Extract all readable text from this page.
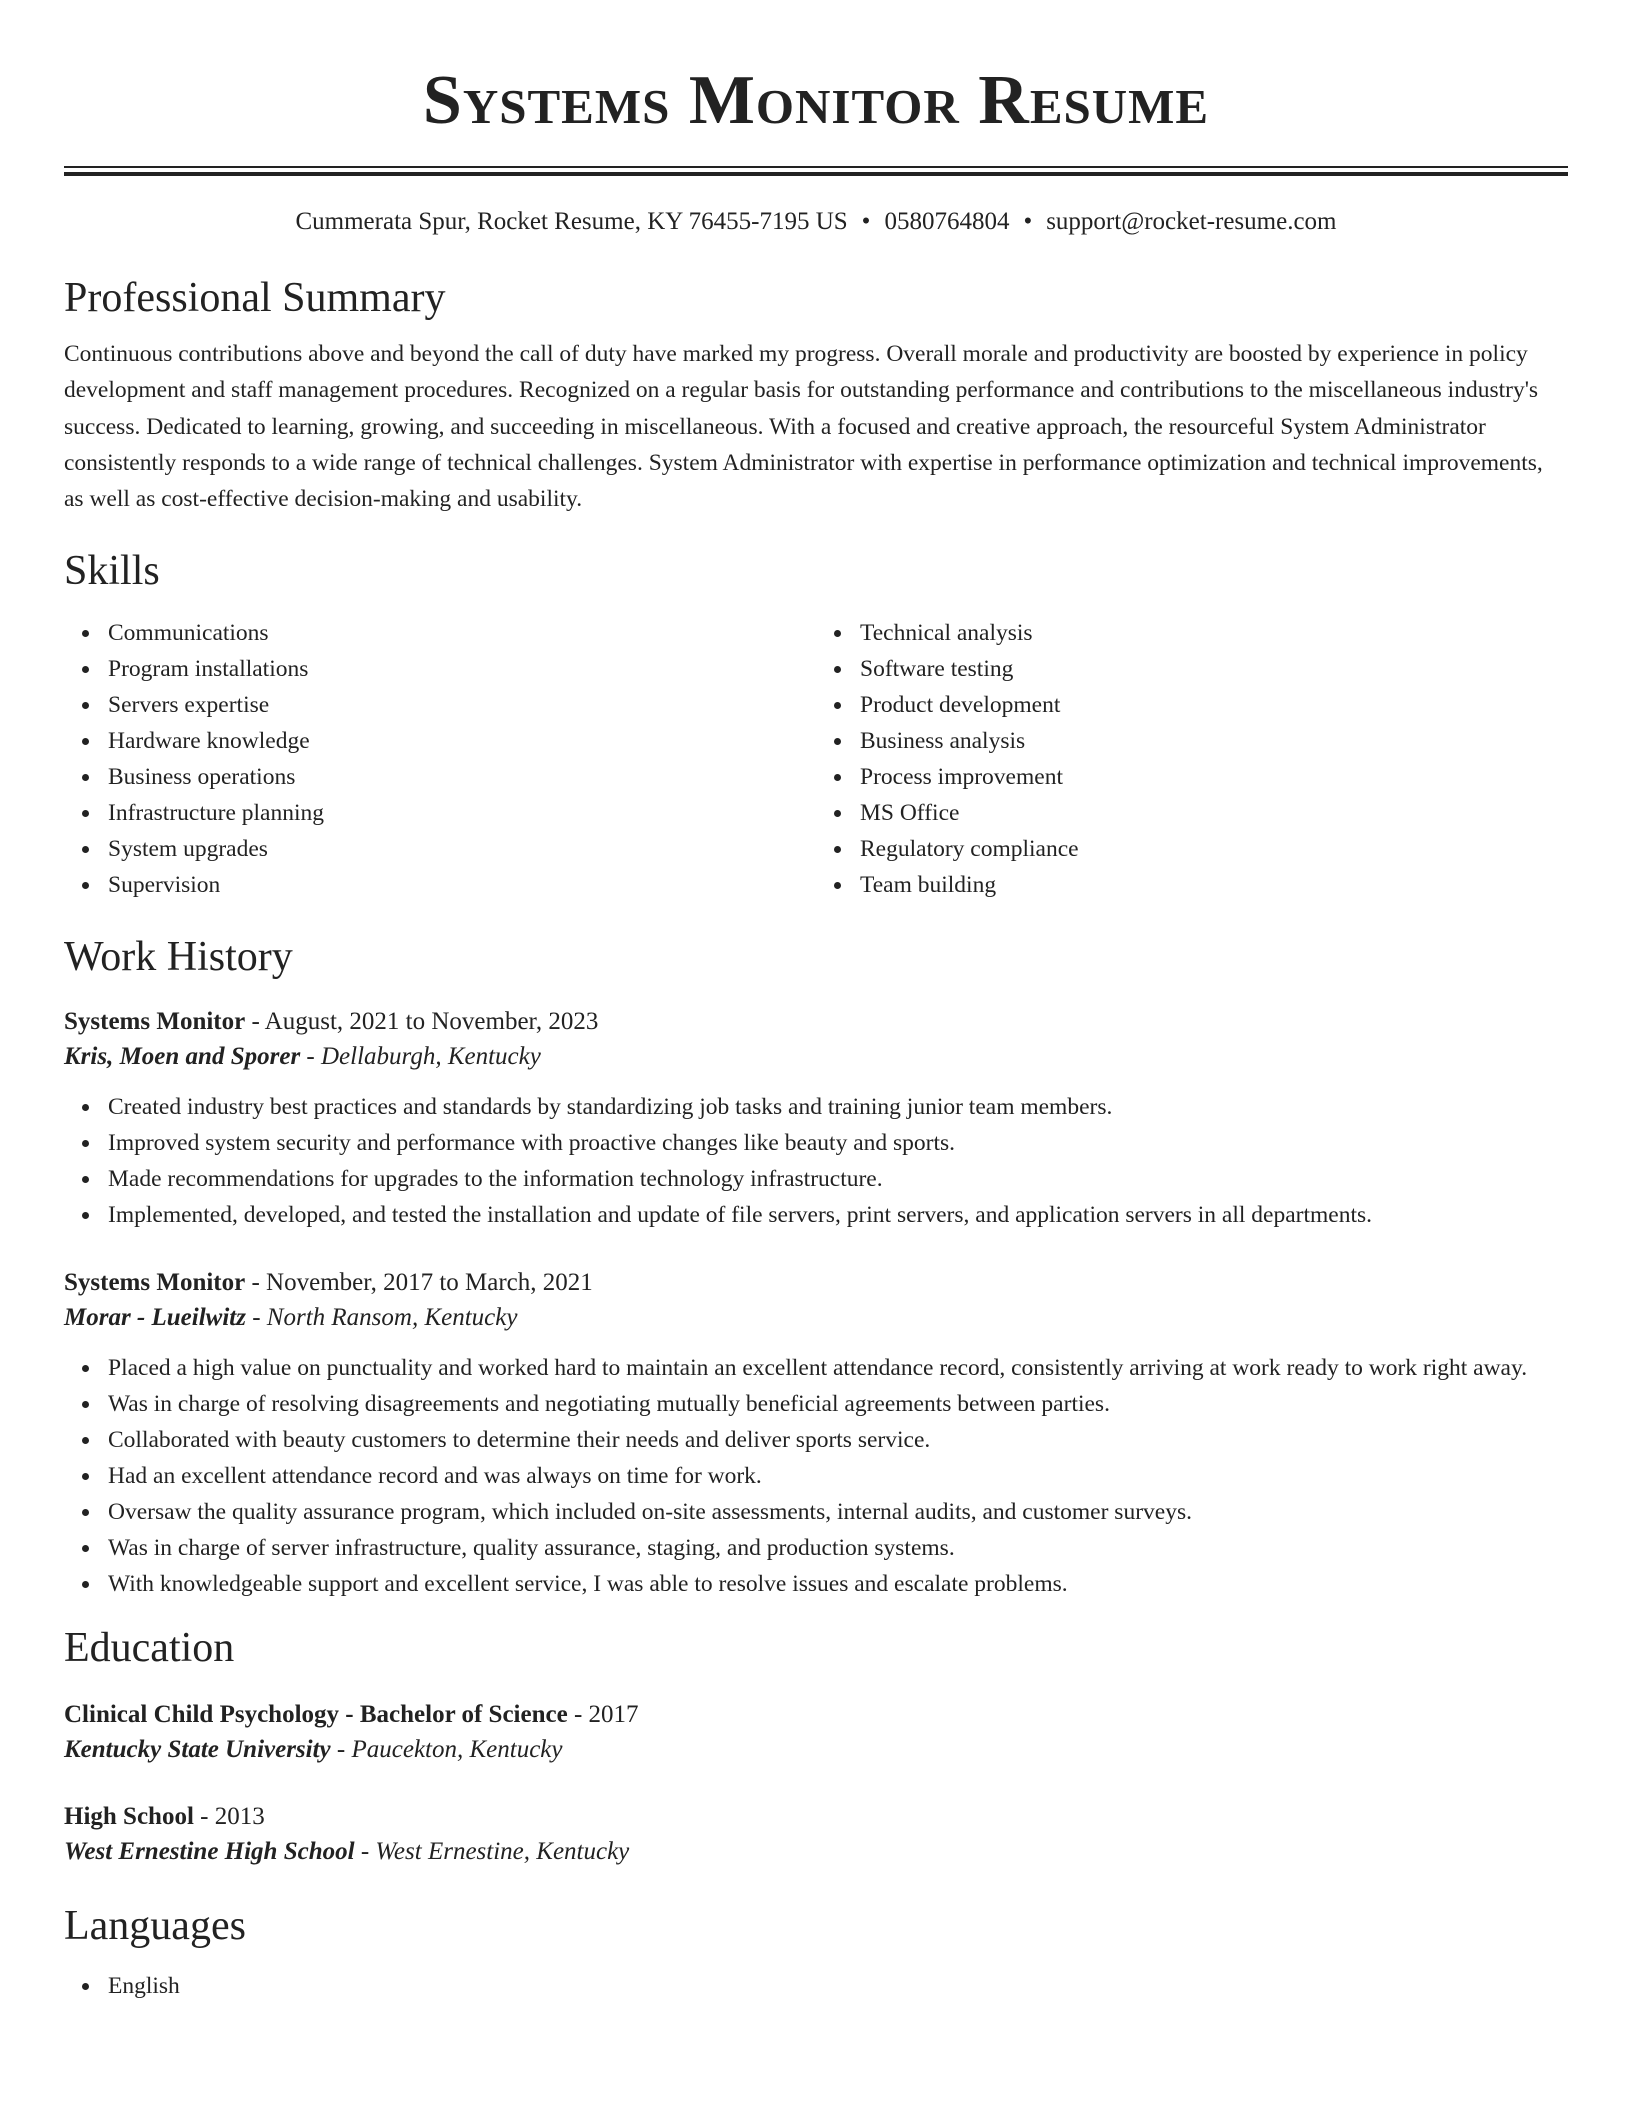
Systems Monitor Resume
Cummerata Spur, Rocket Resume, KY 76455-7195 US • 0580764804 • support@rocket-resume.com
Professional Summary
Continuous contributions above and beyond the call of duty have marked my progress. Overall morale and productivity are boosted by experience in policy development and staff management procedures. Recognized on a regular basis for outstanding performance and contributions to the miscellaneous industry's success. Dedicated to learning, growing, and succeeding in miscellaneous. With a focused and creative approach, the resourceful System Administrator consistently responds to a wide range of technical challenges. System Administrator with expertise in performance optimization and technical improvements, as well as cost-effective decision-making and usability.
Skills
Communications
Program installations
Servers expertise
Hardware knowledge
Business operations
Infrastructure planning
System upgrades
Supervision
Technical analysis
Software testing
Product development
Business analysis
Process improvement
MS Office
Regulatory compliance
Team building
Work History
Systems Monitor - August, 2021 to November, 2023
Kris, Moen and Sporer - Dellaburgh, Kentucky
Created industry best practices and standards by standardizing job tasks and training junior team members.
Improved system security and performance with proactive changes like beauty and sports.
Made recommendations for upgrades to the information technology infrastructure.
Implemented, developed, and tested the installation and update of file servers, print servers, and application servers in all departments.
Systems Monitor - November, 2017 to March, 2021
Morar - Lueilwitz - North Ransom, Kentucky
Placed a high value on punctuality and worked hard to maintain an excellent attendance record, consistently arriving at work ready to work right away.
Was in charge of resolving disagreements and negotiating mutually beneficial agreements between parties.
Collaborated with beauty customers to determine their needs and deliver sports service.
Had an excellent attendance record and was always on time for work.
Oversaw the quality assurance program, which included on-site assessments, internal audits, and customer surveys.
Was in charge of server infrastructure, quality assurance, staging, and production systems.
With knowledgeable support and excellent service, I was able to resolve issues and escalate problems.
Education
Clinical Child Psychology - Bachelor of Science - 2017
Kentucky State University - Paucekton, Kentucky
High School - 2013
West Ernestine High School - West Ernestine, Kentucky
Languages
English
